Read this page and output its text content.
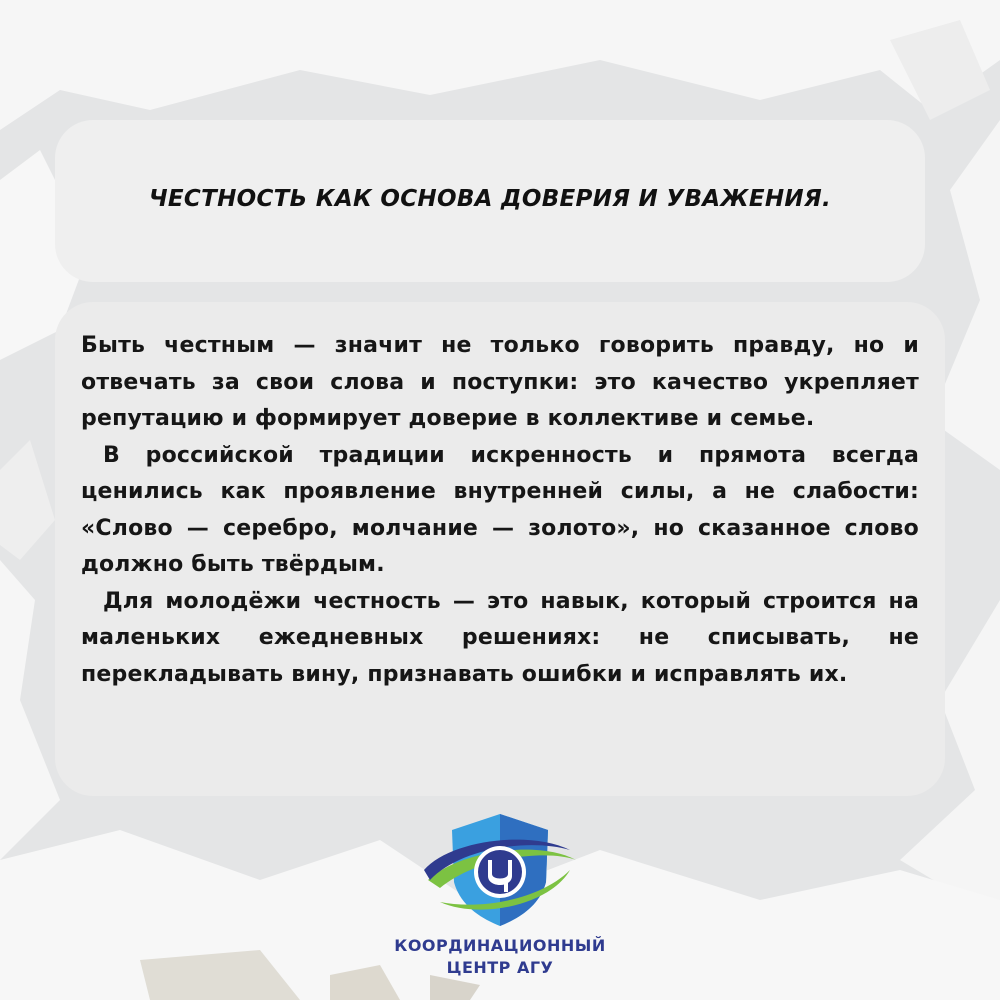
ЧЕСТНОСТЬ КАК ОСНОВА ДОВЕРИЯ И УВАЖЕНИЯ.

Быть честным — значит не только говорить правду, но и отвечать за свои слова и поступки: это качество укрепляет репутацию и формирует доверие в коллективе и семье.

В российской традиции искренность и прямота всегда ценились как проявление внутренней силы, а не слабости: «Слово — серебро, молчание — золото», но сказанное слово должно быть твёрдым.

Для молодёжи честность — это навык, который строится на маленьких ежедневных решениях: не списывать, не перекладывать вину, признавать ошибки и исправлять их.

КООРДИНАЦИОННЫЙ
ЦЕНТР АГУ
